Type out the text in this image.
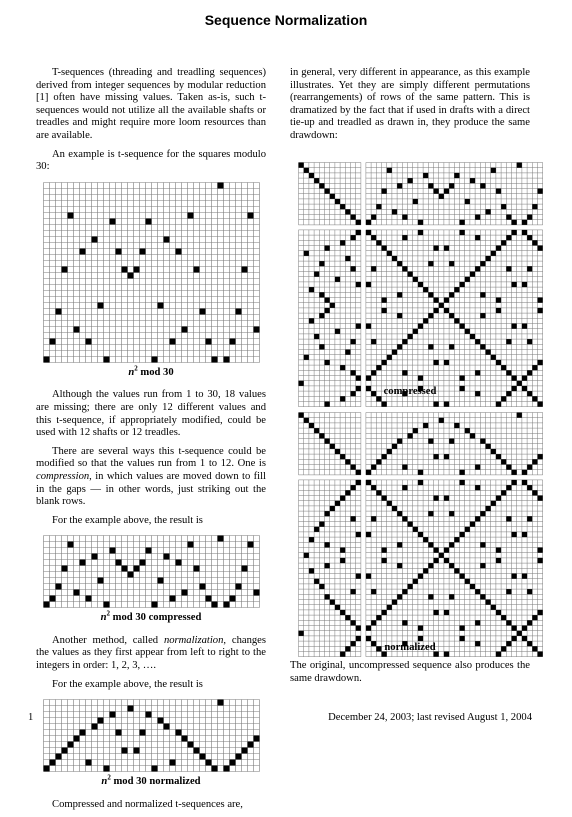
Sequence Normalization

T-sequences (threading and treadling sequences) derived from integer sequences by modular reduction [1] often have missing values. Taken as-is, such t-sequences would not utilize all the available shafts or treadles and might require more loom resources than are available.

An example is t-sequence for the squares modulo 30:

$n^2$ mod 30

Although the values run from 1 to 30, 18 values are missing; there are only 12 different values and this t-sequence, if appropriately modified, could be used with 12 shafts or 12 treadles.

There are several ways this t-sequence could be modified so that the values run from 1 to 12. One is compression, in which values are moved down to fill in the gaps — in other words, just striking out the blank rows.

For the example above, the result is

$n^2$ mod 30 compressed

Another method, called normalization, changes the values as they first appear from left to right to the integers in order: 1, 2, 3, ….

For the example above, the result is

$n^2$ mod 30 normalized

Compressed and normalized t-sequences are,

in general, very different in appearance, as this example illustrates. Yet they are simply different permutations (rearrangements) of rows of the same pattern. This is dramatized by the fact that if used in drafts with a direct tie-up and treadled as drawn in, they produce the same drawdown:

compressed
normalized

The original, uncompressed sequence also produces the same drawdown.

1	December 24, 2003; last revised August 1, 2004
